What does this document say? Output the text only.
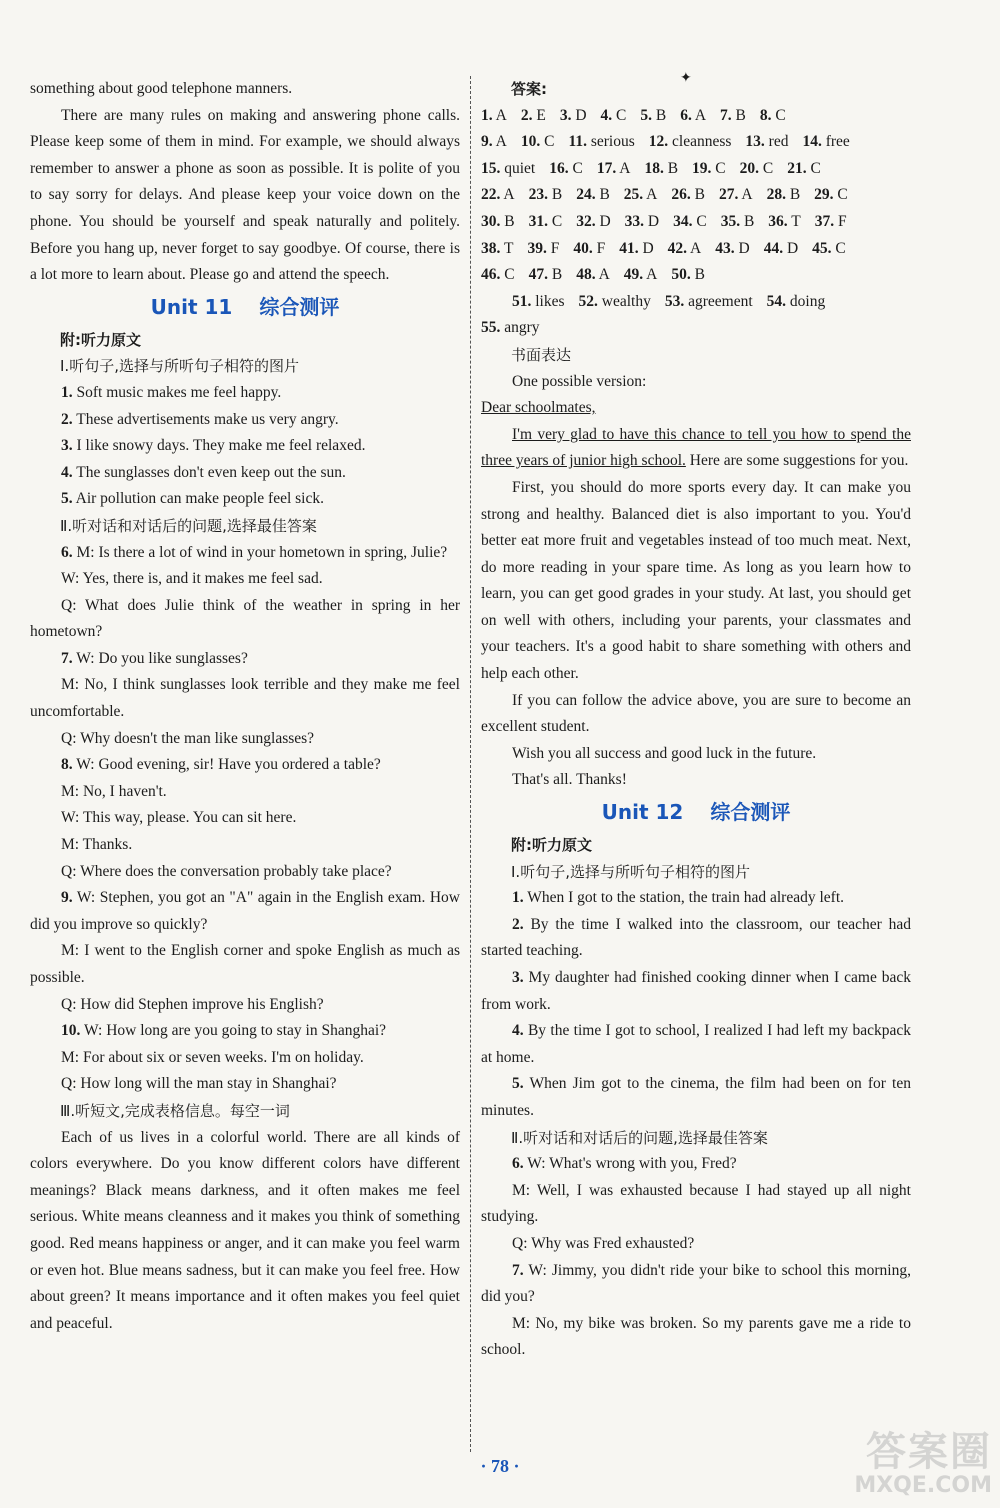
something about good telephone manners.

There are many rules on making and answering phone calls. Please keep some of them in mind. For example, we should always remember to answer a phone as soon as possible. It is polite of you to say sorry for delays. And please keep your voice down on the phone. You should be yourself and speak naturally and politely. Before you hang up, never forget to say goodbye. Of course, there is a lot more to learn about. Please go and attend the speech.

Unit 11 综合测评

附:听力原文

Ⅰ.听句子,选择与所听句子相符的图片

1. Soft music makes me feel happy.

2. These advertisements make us very angry.

3. I like snowy days. They make me feel relaxed.

4. The sunglasses don't even keep out the sun.

5. Air pollution can make people feel sick.

Ⅱ.听对话和对话后的问题,选择最佳答案

6. M: Is there a lot of wind in your hometown in spring, Julie?

W: Yes, there is, and it makes me feel sad.

Q: What does Julie think of the weather in spring in her hometown?

7. W: Do you like sunglasses?

M: No, I think sunglasses look terrible and they make me feel uncomfortable.

Q: Why doesn't the man like sunglasses?

8. W: Good evening, sir! Have you ordered a table?

M: No, I haven't.

W: This way, please. You can sit here.

M: Thanks.

Q: Where does the conversation probably take place?

9. W: Stephen, you got an "A" again in the English exam. How did you improve so quickly?

M: I went to the English corner and spoke English as much as possible.

Q: How did Stephen improve his English?

10. W: How long are you going to stay in Shanghai?

M: For about six or seven weeks. I'm on holiday.

Q: How long will the man stay in Shanghai?

Ⅲ.听短文,完成表格信息。每空一词

Each of us lives in a colorful world. There are all kinds of colors everywhere. Do you know different colors have different meanings? Black means darkness, and it often makes me feel serious. White means cleanness and it makes you think of something good. Red means happiness or anger, and it can make you feel warm or even hot. Blue means sadness, but it can make you feel free. How about green? It means importance and it often makes you feel quiet and peaceful.

✦

答案:

1. A 2. E 3. D 4. C 5. B 6. A 7. B 8. C

9. A 10. C 11. serious 12. cleanness 13. red 14. free

15. quiet 16. C 17. A 18. B 19. C 20. C 21. C

22. A 23. B 24. B 25. A 26. B 27. A 28. B 29. C

30. B 31. C 32. D 33. D 34. C 35. B 36. T 37. F

38. T 39. F 40. F 41. D 42. A 43. D 44. D 45. C

46. C 47. B 48. A 49. A 50. B

51. likes 52. wealthy 53. agreement 54. doing

55. angry

书面表达

One possible version:

Dear schoolmates,

I'm very glad to have this chance to tell you how to spend the three years of junior high school. Here are some suggestions for you.

First, you should do more sports every day. It can make you strong and healthy. Balanced diet is also important to you. You'd better eat more fruit and vegetables instead of too much meat. Next, do more reading in your spare time. As long as you learn how to learn, you can get good grades in your study. At last, you should get on well with others, including your parents, your classmates and your teachers. It's a good habit to share something with others and help each other.

If you can follow the advice above, you are sure to become an excellent student.

Wish you all success and good luck in the future.

That's all. Thanks!

Unit 12 综合测评

附:听力原文

Ⅰ.听句子,选择与所听句子相符的图片

1. When I got to the station, the train had already left.

2. By the time I walked into the classroom, our teacher had started teaching.

3. My daughter had finished cooking dinner when I came back from work.

4. By the time I got to school, I realized I had left my backpack at home.

5. When Jim got to the cinema, the film had been on for ten minutes.

Ⅱ.听对话和对话后的问题,选择最佳答案

6. W: What's wrong with you, Fred?

M: Well, I was exhausted because I had stayed up all night studying.

Q: Why was Fred exhausted?

7. W: Jimmy, you didn't ride your bike to school this morning, did you?

M: No, my bike was broken. So my parents gave me a ride to school.

· 78 ·	答案圈
MXQE.COM
